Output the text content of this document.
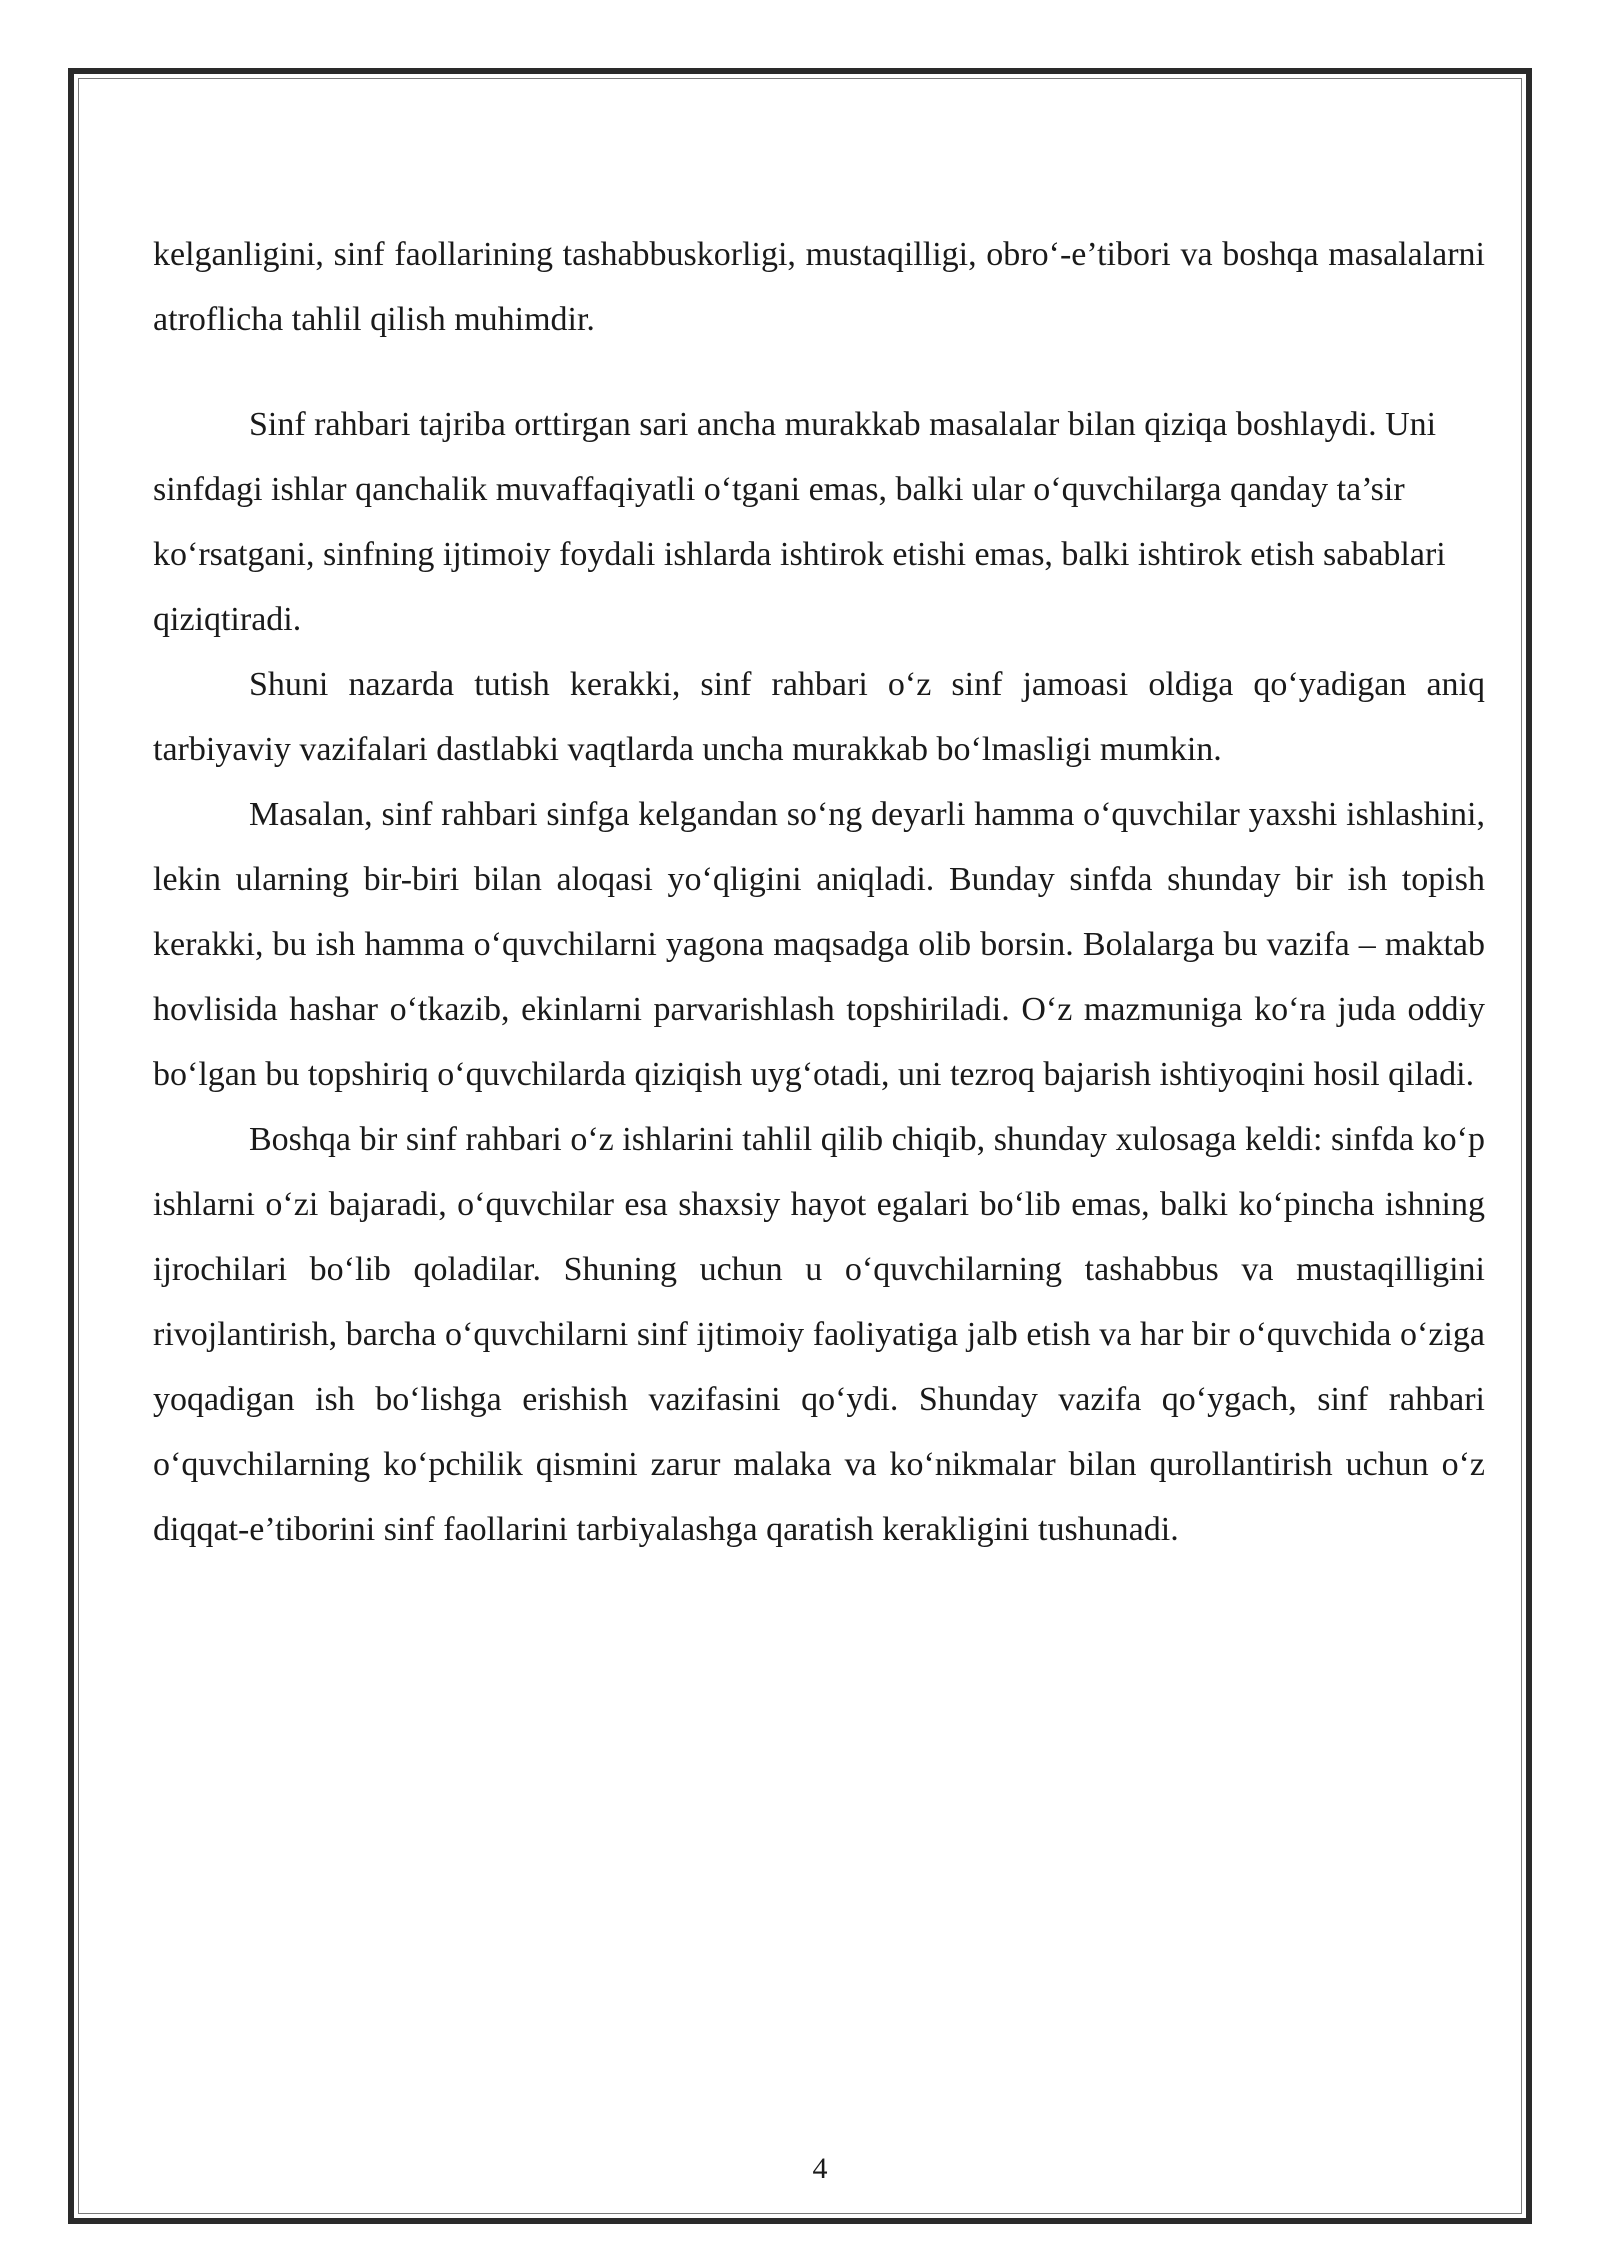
kelganligini, sinf faollarining tashabbuskorligi, mustaqilligi, obro‘-e’tibori va boshqa masalalarni atroflicha tahlil qilish muhimdir.

Sinf rahbari tajriba orttirgan sari ancha murakkab masalalar bilan qiziqa boshlaydi. Uni sinfdagi ishlar qanchalik muvaffaqiyatli o‘tgani emas, balki ular o‘quvchilarga qanday ta’sir ko‘rsatgani, sinfning ijtimoiy foydali ishlarda ishtirok etishi emas, balki ishtirok etish sabablari qiziqtiradi.

Shuni nazarda tutish kerakki, sinf rahbari o‘z sinf jamoasi oldiga qo‘yadigan aniq tarbiyaviy vazifalari dastlabki vaqtlarda uncha murakkab bo‘lmasligi mumkin.

Masalan, sinf rahbari sinfga kelgandan so‘ng deyarli hamma o‘quvchilar yaxshi ishlashini, lekin ularning bir-biri bilan aloqasi yo‘qligini aniqladi. Bunday sinfda shunday bir ish topish kerakki, bu ish hamma o‘quvchilarni yagona maqsadga olib borsin. Bolalarga bu vazifa – maktab hovlisida hashar o‘tkazib, ekinlarni parvarishlash topshiriladi. O‘z mazmuniga ko‘ra juda oddiy bo‘lgan bu topshiriq o‘quvchilarda qiziqish uyg‘otadi, uni tezroq bajarish ishtiyoqini hosil qiladi.

Boshqa bir sinf rahbari o‘z ishlarini tahlil qilib chiqib, shunday xulosaga keldi: sinfda ko‘p ishlarni o‘zi bajaradi, o‘quvchilar esa shaxsiy hayot egalari bo‘lib emas, balki ko‘pincha ishning ijrochilari bo‘lib qoladilar. Shuning uchun u o‘quvchilarning tashabbus va mustaqilligini rivojlantirish, barcha o‘quvchilarni sinf ijtimoiy faoliyatiga jalb etish va har bir o‘quvchida o‘ziga yoqadigan ish bo‘lishga erishish vazifasini qo‘ydi. Shunday vazifa qo‘ygach, sinf rahbari o‘quvchilarning ko‘pchilik qismini zarur malaka va ko‘nikmalar bilan qurollantirish uchun o‘z diqqat-e’tiborini sinf faollarini tarbiyalashga qaratish kerakligini tushunadi.

4
